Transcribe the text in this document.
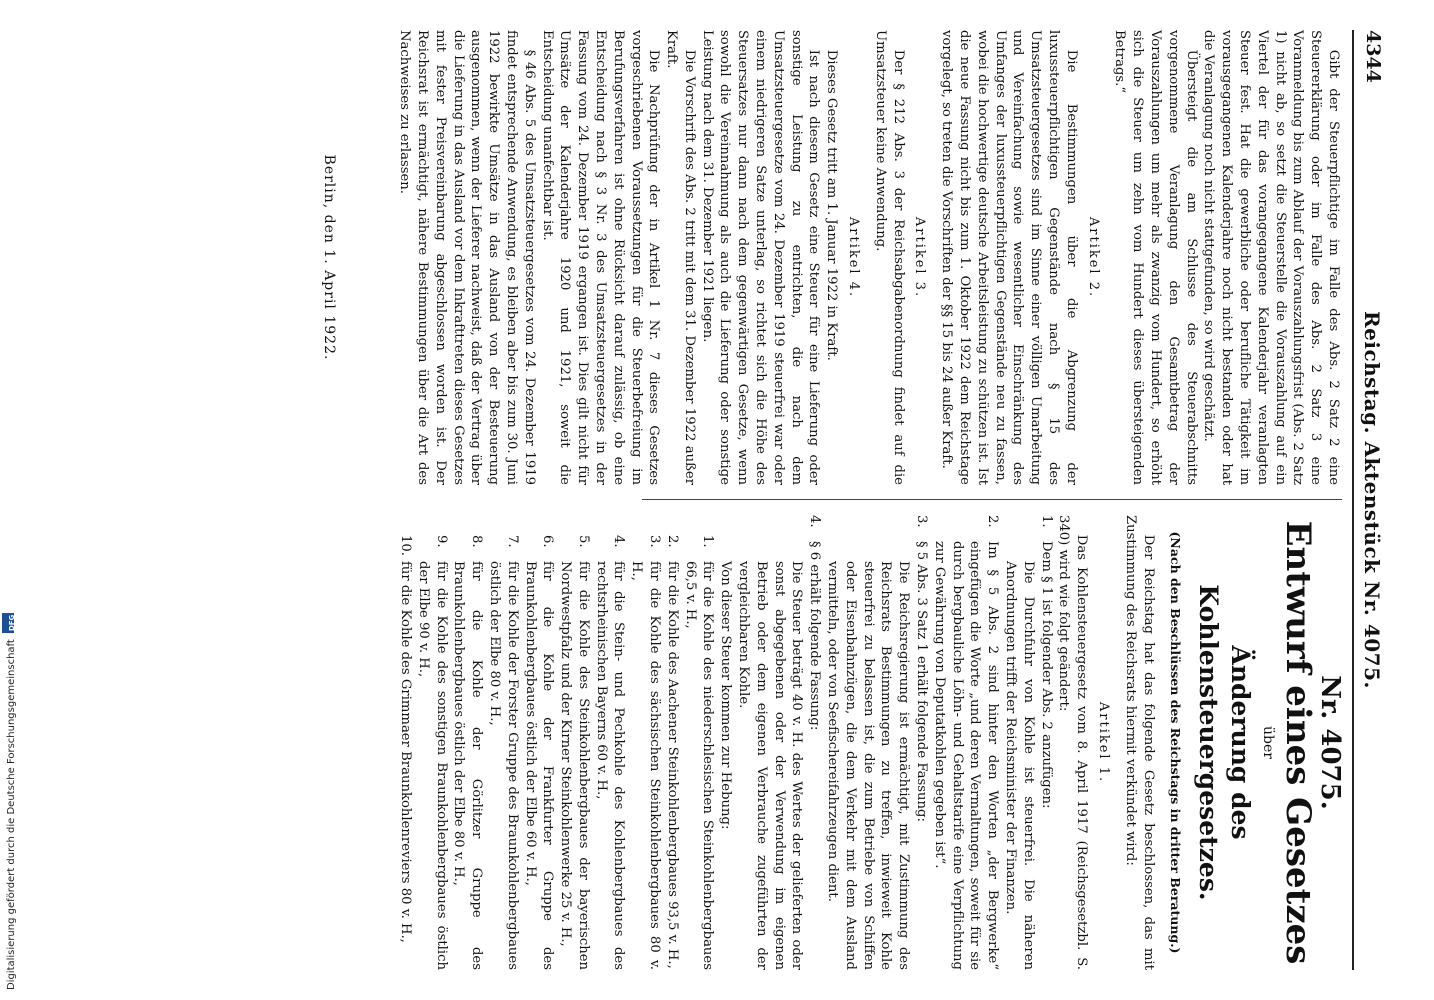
4344
Reichstag. Aktenstück Nr. 4075.

Gibt der Steuerpflichtige im Falle des Abs. 2 Satz 2 eine Steuererklärung oder im Falle des Abs. 2 Satz 3 eine Voranmeldung bis zum Ablauf der Vorauszahlungsfrist (Abs. 2 Satz 1) nicht ab, so setzt die Steuerstelle die Vorauszahlung auf ein Viertel der für das vorangegangene Kalenderjahr veranlagten Steuer fest. Hat die gewerbliche oder berufliche Tätigkeit im vorausgegangenen Kalenderjahre noch nicht bestanden oder hat die Veranlagung noch nicht stattgefunden, so wird geschätzt.

Übersteigt die am Schlusse des Steuerabschnitts vorgenommene Veranlagung den Gesamtbetrag der Vorauszahlungen um mehr als zwanzig vom Hundert, so erhöht sich die Steuer um zehn vom Hundert dieses übersteigenden Betrags.“

Artikel 2.

Die Bestimmungen über die Abgrenzung der luxussteuerpflichtigen Gegenstände nach § 15 des Umsatzsteuergesetzes sind im Sinne einer völligen Umarbeitung und Vereinfachung sowie wesentlicher Einschränkung des Umfanges der luxussteuerpflichtigen Gegenstände neu zu fassen, wobei die hochwertige deutsche Arbeitsleistung zu schützen ist. Ist die neue Fassung nicht bis zum 1. Oktober 1922 dem Reichstage vorgelegt, so treten die Vorschriften der §§ 15 bis 24 außer Kraft.

Artikel 3.

Der § 212 Abs. 3 der Reichsabgabenordnung findet auf die Umsatzsteuer keine Anwendung.

Artikel 4.

Dieses Gesetz tritt am 1. Januar 1922 in Kraft.

Ist nach diesem Gesetz eine Steuer für eine Lieferung oder sonstige Leistung zu entrichten, die nach dem Umsatzsteuergesetze vom 24. Dezember 1919 steuerfrei war oder einem niedrigeren Satze unterlag, so richtet sich die Höhe des Steuersatzes nur dann nach dem gegenwärtigen Gesetze, wenn sowohl die Vereinnahmung als auch die Lieferung oder sonstige Leistung nach dem 31. Dezember 1921 liegen.

Die Vorschrift des Abs. 2 tritt mit dem 31. Dezember 1922 außer Kraft.

Die Nachprüfung der in Artikel 1 Nr. 7 dieses Gesetzes vorgeschriebenen Voraussetzungen für die Steuerbefreiung im Berufungsverfahren ist ohne Rücksicht darauf zulässig, ob eine Entscheidung nach § 3 Nr. 3 des Umsatzsteuergesetzes in der Fassung vom 24. Dezember 1919 ergangen ist. Dies gilt nicht für Umsätze der Kalenderjahre 1920 und 1921, soweit die Entscheidung unanfechtbar ist.

§ 46 Abs. 5 des Umsatzsteuergesetzes vom 24. Dezember 1919 findet entsprechende Anwendung, es bleiben aber bis zum 30. Juni 1922 bewirkte Umsätze in das Ausland von der Besteuerung ausgenommen, wenn der Lieferer nachweist, daß der Vertrag über die Lieferung in das Ausland vor dem Inkrafttreten dieses Gesetzes mit fester Preisvereinbarung abgeschlossen worden ist. Der Reichsrat ist ermächtigt, nähere Bestimmungen über die Art des Nachweises zu erlassen.

Berlin, den 1. April 1922.
Nr. 4075.
Entwurf eines Gesetzes
über
Änderung des Kohlensteuergesetzes.
(Nach den Beschlüssen des Reichstags in dritter Beratung.)

Der Reichstag hat das folgende Gesetz beschlossen, das mit Zustimmung des Reichsrats hiermit verkündet wird:

Artikel 1.

Das Kohlensteuergesetz vom 8. April 1917 (Reichsgesetzbl. S. 340) wird wie folgt geändert:

1.
Dem § 1 ist folgender Abs. 2 anzufügen:
Die Durchfuhr von Kohle ist steuerfrei. Die näheren Anordnungen trifft der Reichsminister der Finanzen.
2.
Im § 5 Abs. 2 sind hinter den Worten „der Bergwerke“ eingefügen die Worte „und deren Vermaltungen, soweit für sie durch bergbauliche Löhn- und Gehaltstarife eine Verpflichtung zur Gewährung von Deputatkohlen gegeben ist“.
3.
§ 5 Abs. 3 Satz 1 erhält folgende Fassung:
Die Reichsregierung ist ermächtigt, mit Zustimmung des Reichsrats Bestimmungen zu treffen, inwieweit Kohle steuerfrei zu belassen ist, die zum Betriebe von Schiffen oder Eisenbahnzügen, die dem Verkehr mit dem Ausland vermitteln, oder von Seefischereifahrzeugen dient.
4.
§ 6 erhält folgende Fassung:
Die Steuer beträgt 40 v. H. des Wertes der gelieferten oder sonst abgegebenen oder der Verwendung im eigenen Betrieb oder dem eigenen Verbrauche zugeführten der vergleichbaren Kohle.
Von dieser Steuer kommen zur Hebung:
1.
für die Kohle des niederschlesischen Steinkohlenbergbaues 66,5 v. H.,
2.
für die Kohle des Aachener Steinkohlenbergbaues 93,5 v. H.,
3.
für die Kohle des sächsischen Steinkohlenbergbaues 80 v. H.,
4.
für die Stein- und Pechkohle des Kohlenbergbaues des rechtsrheinischen Bayerns 60 v. H.,
5.
für die Kohle des Steinkohlenbergbaues der bayerischen Nordwestpfalz und der Kirner Steinkohlenwerke 25 v. H.,
6.
für die Kohle der Frankfurter Gruppe des Braunkohlenbergbaues östlich der Elbe 60 v. H.,
7.
für die Kohle der Forster Gruppe des Braunkohlenbergbaues östlich der Elbe 80 v. H.,
8.
für die Kohle der Görlitzer Gruppe des Braunkohlenbergbaues östlich der Elbe 80 v. H.,
9.
für die Kohle des sonstigen Braunkohlenbergbaues östlich der Elbe 90 v. H.,
10.
für die Kohle des Grimmaer Braunkohlenreviers 80 v. H.,
Digitalisierung gefördert durch die Deutsche Forschungsgemeinschaft DFG
